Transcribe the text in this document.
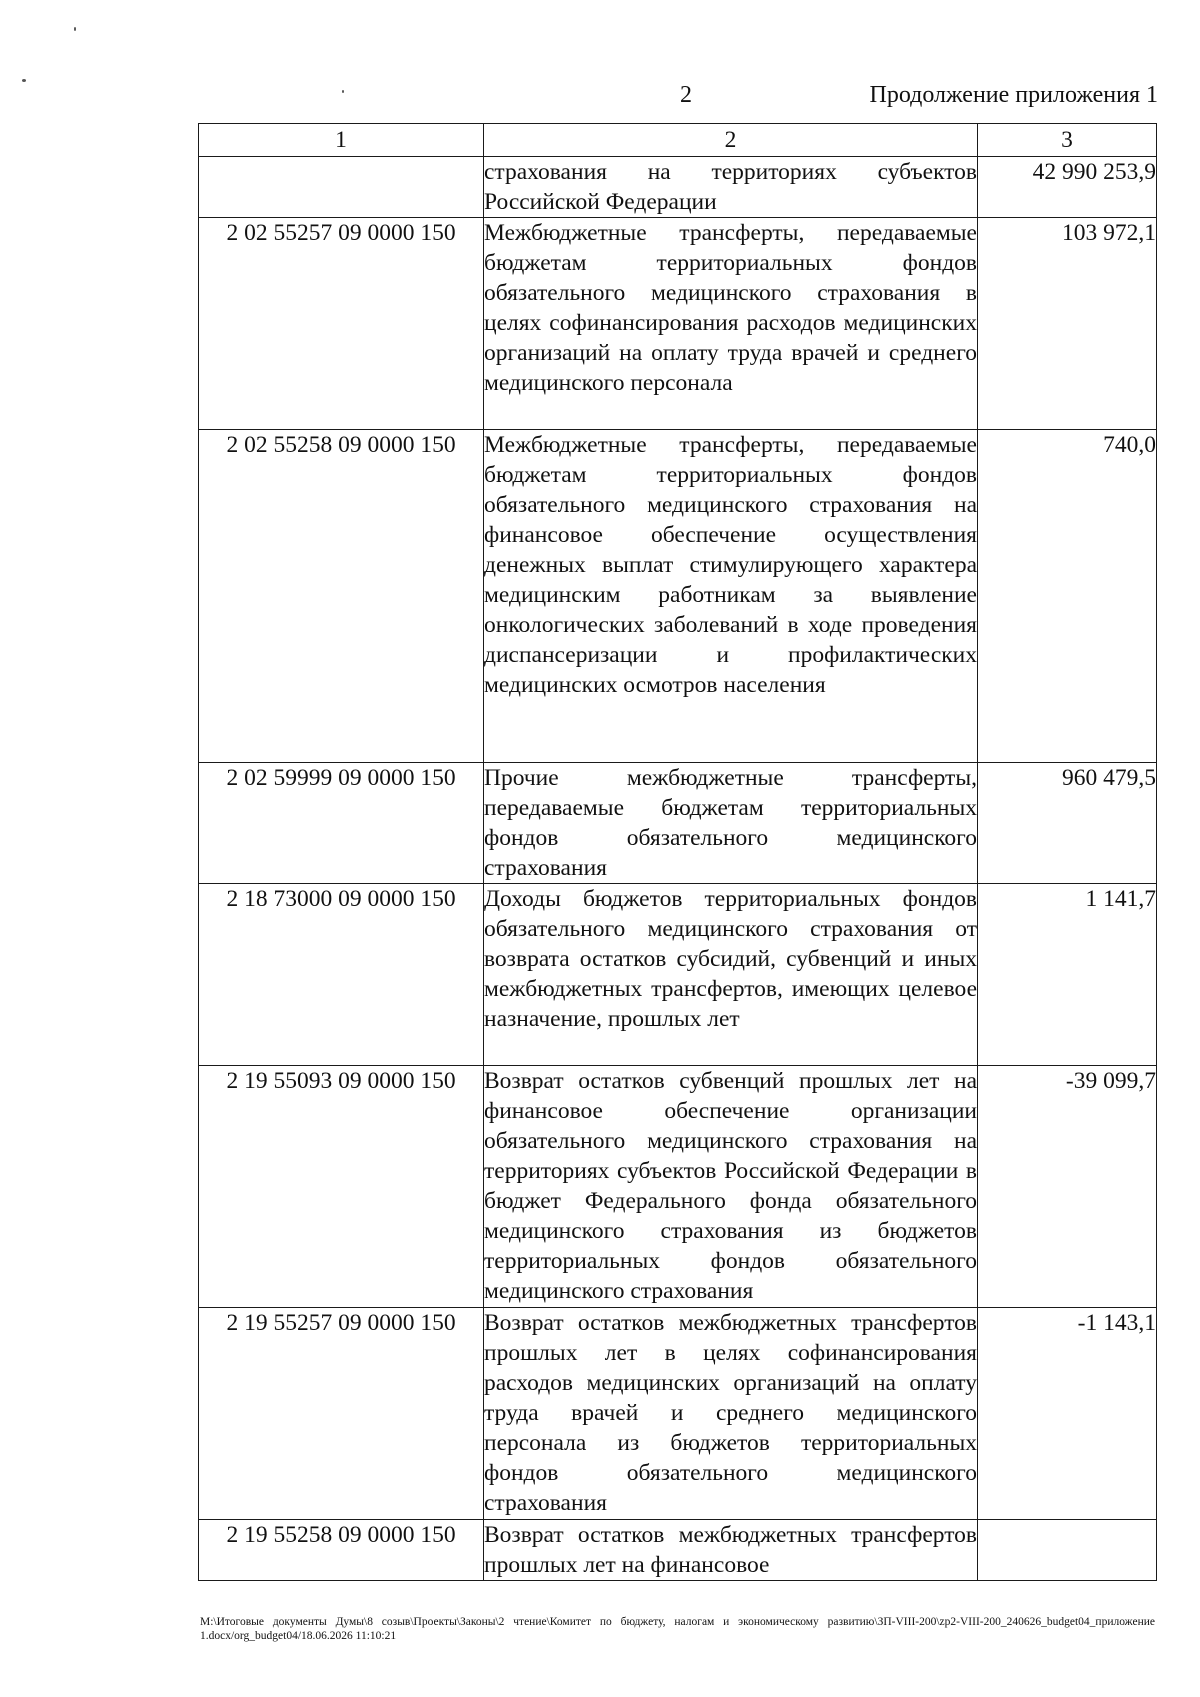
2	Продолжение приложения 1
1	2	3
	страхования на территориях субъектов Российской Федерации	42 990 253,9

2 02 55257 09 0000 150	Межбюджетные трансферты, передаваемые бюджетам территориальных фондов обязательного медицинского страхования в целях софинансирования расходов медицинских организаций на оплату труда врачей и среднего медицинского персонала	103 972,1

2 02 55258 09 0000 150	Межбюджетные трансферты, передаваемые бюджетам территориальных фондов обязательного медицинского страхования на финансовое обеспечение осуществления денежных выплат стимулирующего характера медицинским работникам за выявление онкологических заболеваний в ходе проведения диспансеризации и профилактических медицинских осмотров населения	740,0

2 02 59999 09 0000 150	Прочие межбюджетные трансферты, передаваемые бюджетам территориальных фондов обязательного медицинского страхования	960 479,5

2 18 73000 09 0000 150	Доходы бюджетов территориальных фондов обязательного медицинского страхования от возврата остатков субсидий, субвенций и иных межбюджетных трансфертов, имеющих целевое назначение, прошлых лет	1 141,7

2 19 55093 09 0000 150	Возврат остатков субвенций прошлых лет на финансовое обеспечение организации обязательного медицинского страхования на территориях субъектов Российской Федерации в бюджет Федерального фонда обязательного медицинского страхования из бюджетов территориальных фондов обязательного медицинского страхования	-39 099,7

2 19 55257 09 0000 150	Возврат остатков межбюджетных трансфертов прошлых лет в целях софинансирования расходов медицинских организаций на оплату труда врачей и среднего медицинского персонала из бюджетов территориальных фондов обязательного медицинского страхования	-1 143,1

2 19 55258 09 0000 150	Возврат остатков межбюджетных трансфертов прошлых лет на финансовое	
М:\Итоговые документы Думы\8 созыв\Проекты\Законы\2 чтение\Комитет по бюджету, налогам и экономическому развитию\ЗП-VIII-200\zp2-VIII-200_240626_budget04_приложение 1.docx/org_budget04/18.06.2026 11:10:21
